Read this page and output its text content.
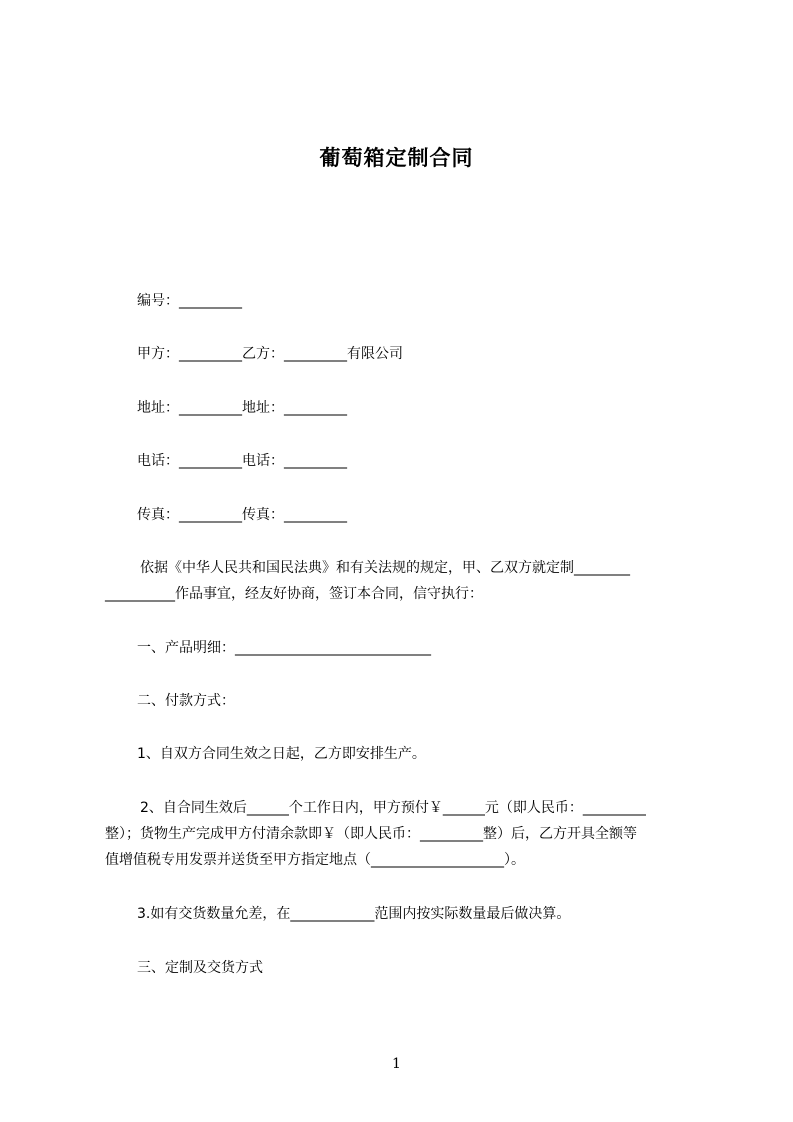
葡萄箱定制合同
编号：_________
甲方：_________乙方：_________有限公司
地址：_________地址：_________
电话：_________电话：_________
传真：_________传真：_________
依据《中华人民共和国民法典》和有关法规的规定，甲、乙双方就定制________
__________作品事宜，经友好协商，签订本合同，信守执行：
一、产品明细：____________________________
二、付款方式：
1、自双方合同生效之日起，乙方即安排生产。
2、自合同生效后______个工作日内，甲方预付￥______元（即人民币：_________
整）；货物生产完成甲方付清余款即￥（即人民币：_________整）后，乙方开具全额等
值增值税专用发票并送货至甲方指定地点（___________________）。
3.如有交货数量允差，在____________范围内按实际数量最后做决算。
三、定制及交货方式
1
